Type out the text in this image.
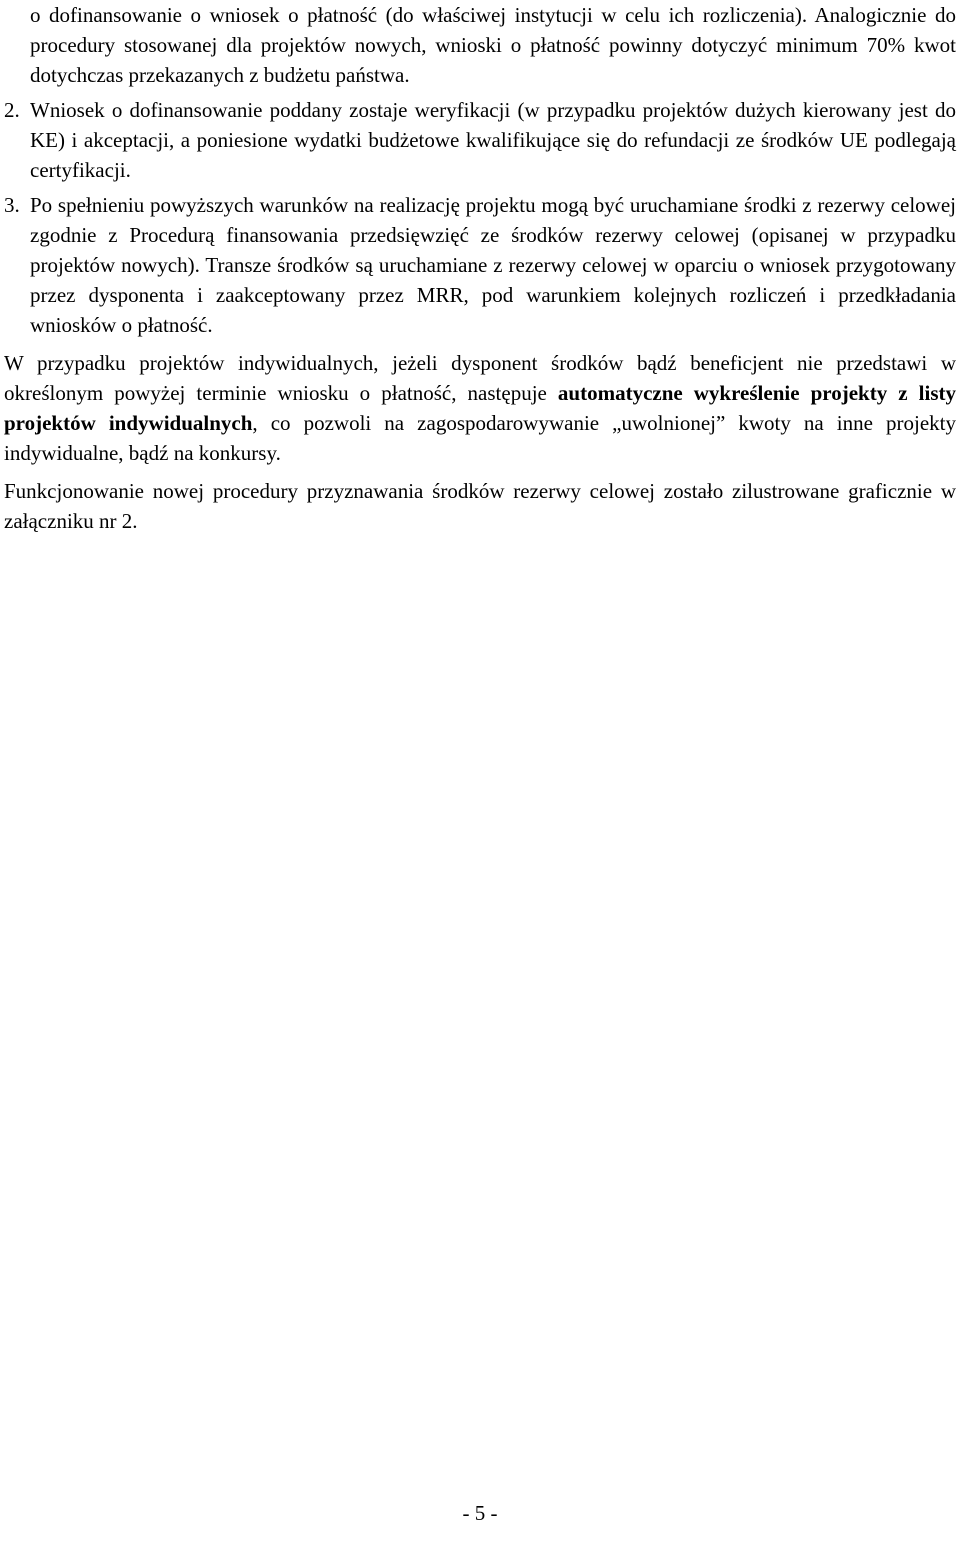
o dofinansowanie o wniosek o płatność (do właściwej instytucji w celu ich rozliczenia). Analogicznie do procedury stosowanej dla projektów nowych, wnioski o płatność powinny dotyczyć minimum 70% kwot dotychczas przekazanych z budżetu państwa.

2. Wniosek o dofinansowanie poddany zostaje weryfikacji (w przypadku projektów dużych kierowany jest do KE) i akceptacji, a poniesione wydatki budżetowe kwalifikujące się do refundacji ze środków UE podlegają certyfikacji.

3. Po spełnieniu powyższych warunków na realizację projektu mogą być uruchamiane środki z rezerwy celowej zgodnie z Procedurą finansowania przedsięwzięć ze środków rezerwy celowej (opisanej w przypadku projektów nowych). Transze środków są uruchamiane z rezerwy celowej w oparciu o wniosek przygotowany przez dysponenta i zaakceptowany przez MRR, pod warunkiem kolejnych rozliczeń i przedkładania wniosków o płatność.

W przypadku projektów indywidualnych, jeżeli dysponent środków bądź beneficjent nie przedstawi w określonym powyżej terminie wniosku o płatność, następuje automatyczne wykreślenie projekty z listy projektów indywidualnych, co pozwoli na zagospodarowywanie „uwolnionej” kwoty na inne projekty indywidualne, bądź na konkursy.

Funkcjonowanie nowej procedury przyznawania środków rezerwy celowej zostało zilustrowane graficznie w załączniku nr 2.

- 5 -
